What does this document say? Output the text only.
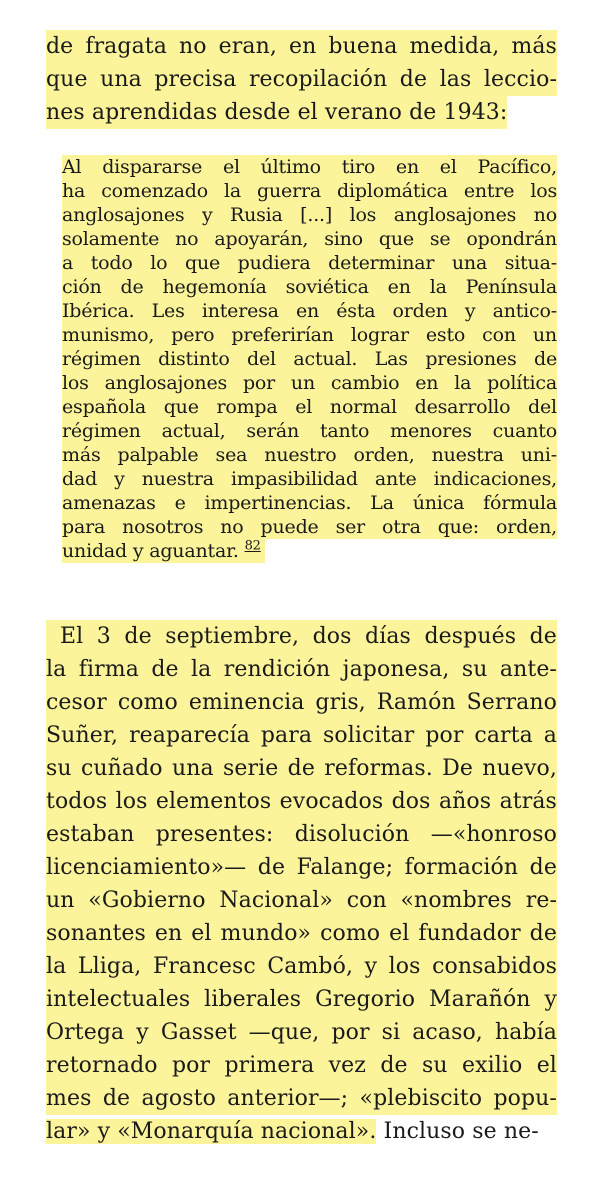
de fragata no eran, en buena medida, más
que una precisa recopilación de las leccio-
nes aprendidas desde el verano de 1943:
Al dispararse el último tiro en el Pacífico,
ha comenzado la guerra diplomática entre los
anglosajones y Rusia [...] los anglosajones no
solamente no apoyarán, sino que se opondrán
a todo lo que pudiera determinar una situa-
ción de hegemonía soviética en la Península
Ibérica. Les interesa en ésta orden y antico-
munismo, pero preferirían lograr esto con un
régimen distinto del actual. Las presiones de
los anglosajones por un cambio en la política
española que rompa el normal desarrollo del
régimen actual, serán tanto menores cuanto
más palpable sea nuestro orden, nuestra uni-
dad y nuestra impasibilidad ante indicaciones,
amenazas e impertinencias. La única fórmula
para nosotros no puede ser otra que: orden,
unidad y aguantar. $^{82}$
El 3 de septiembre, dos días después de
la firma de la rendición japonesa, su ante-
cesor como eminencia gris, Ramón Serrano
Suñer, reaparecía para solicitar por carta a
su cuñado una serie de reformas. De nuevo,
todos los elementos evocados dos años atrás
estaban presentes: disolución —«honroso
licenciamiento»— de Falange; formación de
un «Gobierno Nacional» con «nombres re-
sonantes en el mundo» como el fundador de
la Lliga, Francesc Cambó, y los consabidos
intelectuales liberales Gregorio Marañón y
Ortega y Gasset —que, por si acaso, había
retornado por primera vez de su exilio el
mes de agosto anterior—; «plebiscito popu-
lar» y «Monarquía nacional». Incluso se ne-
